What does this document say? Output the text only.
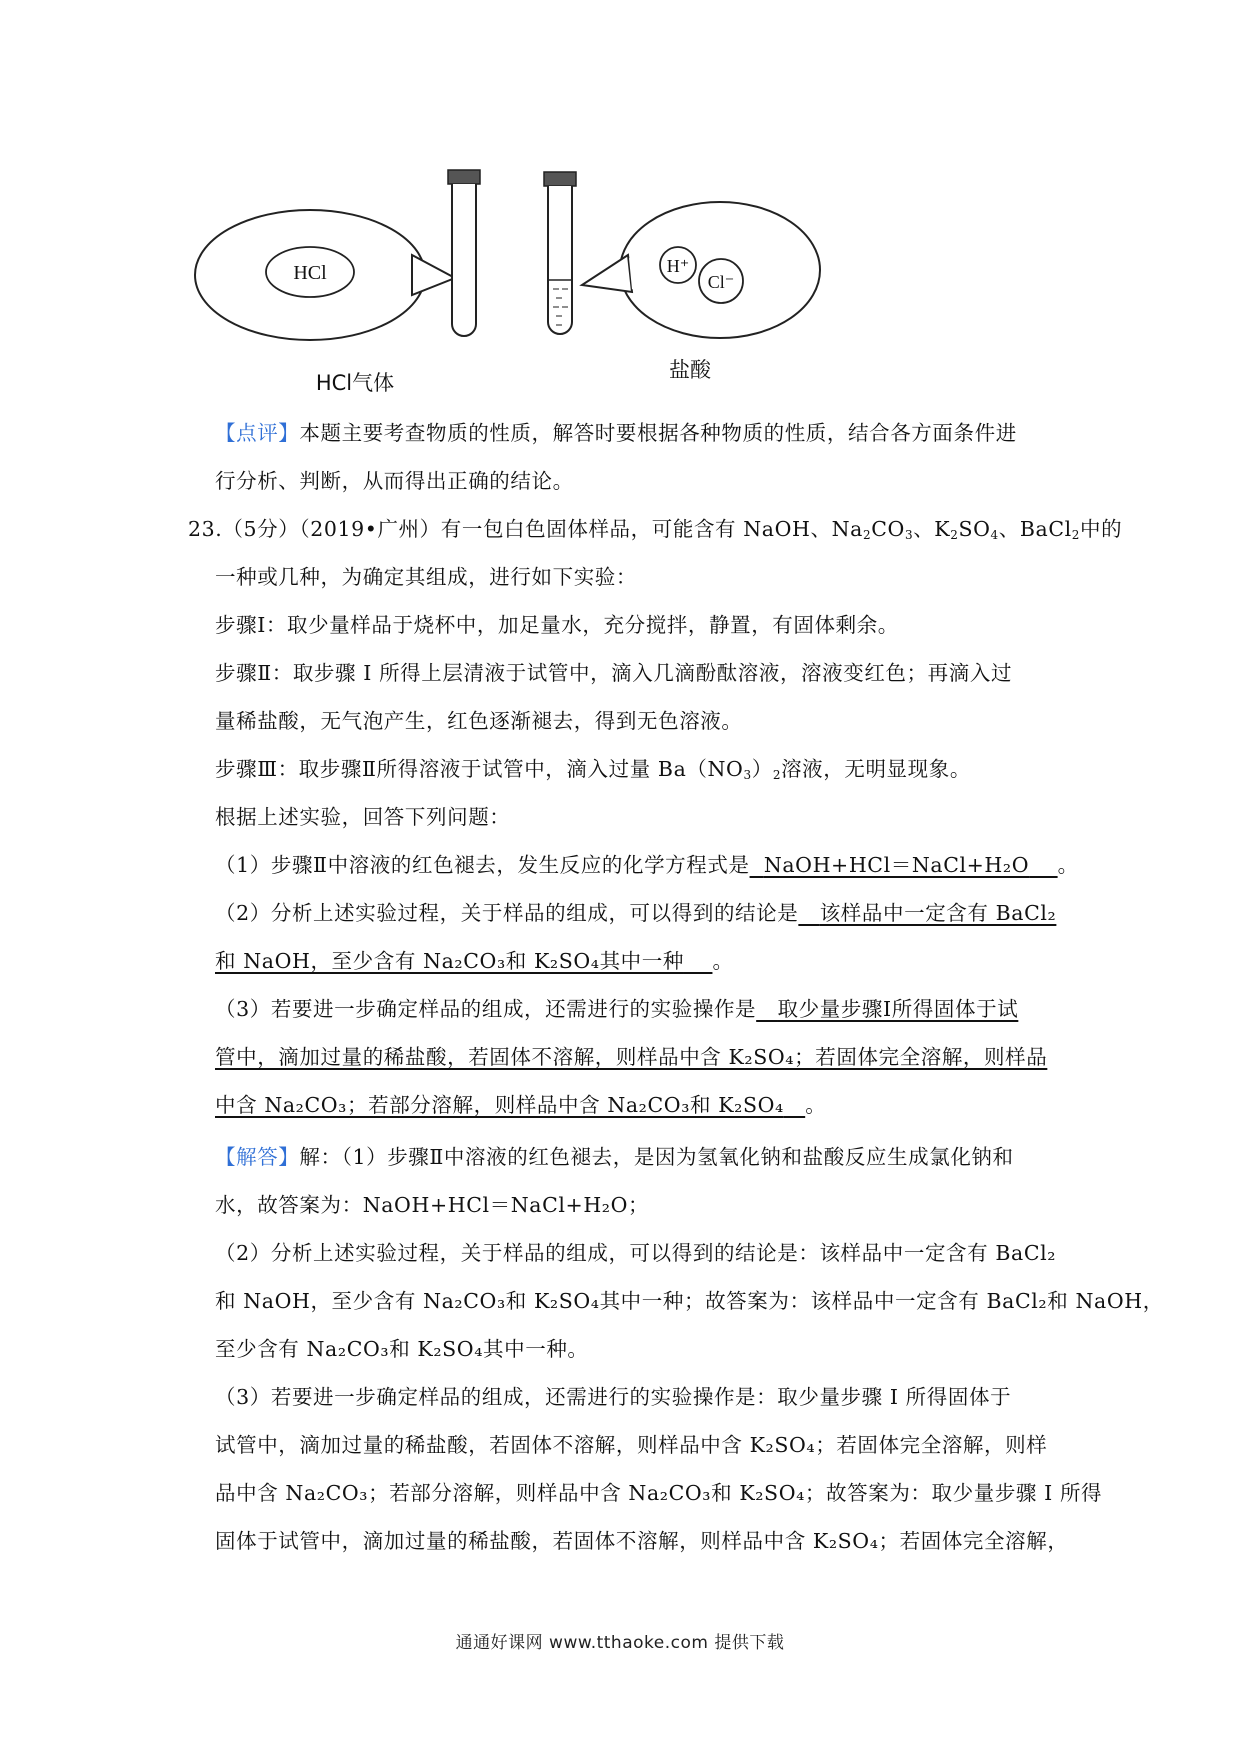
HCl	H⁺
Cl⁻
HCl气体
盐酸
【点评】本题主要考查物质的性质，解答时要根据各种物质的性质，结合各方面条件进
行分析、判断，从而得出正确的结论。
23.（5分）（2019•广州）有一包白色固体样品，可能含有 NaOH、$Na_2CO_3$、$K_2SO_4$、BaCl$_2$中的
一种或几种，为确定其组成，进行如下实验：
步骤Ⅰ：取少量样品于烧杯中，加足量水，充分搅拌，静置，有固体剩余。
步骤Ⅱ：取步骤 Ⅰ 所得上层清液于试管中，滴入几滴酚酞溶液，溶液变红色；再滴入过
量稀盐酸，无气泡产生，红色逐渐褪去，得到无色溶液。
步骤Ⅲ：取步骤Ⅱ所得溶液于试管中，滴入过量 $Ba(NO_3)_2$溶液，无明显现象。
根据上述实验，回答下列问题：
（1）步骤Ⅱ中溶液的红色褪去，发生反应的化学方程式是 NaOH+HCl＝NaCl+H₂O 。
（2）分析上述实验过程，关于样品的组成，可以得到的结论是 该样品中一定含有 BaCl₂
和 NaOH，至少含有 Na₂CO₃和 K₂SO₄其中一种 。
（3）若要进一步确定样品的组成，还需进行的实验操作是 取少量步骤Ⅰ所得固体于试
管中，滴加过量的稀盐酸，若固体不溶解，则样品中含 K₂SO₄；若固体完全溶解，则样品
中含 Na₂CO₃；若部分溶解，则样品中含 Na₂CO₃和 K₂SO₄ 。
【解答】解：（1）步骤Ⅱ中溶液的红色褪去，是因为氢氧化钠和盐酸反应生成氯化钠和
水，故答案为：NaOH+HCl＝NaCl+H₂O；
（2）分析上述实验过程，关于样品的组成，可以得到的结论是：该样品中一定含有 BaCl₂
和 NaOH，至少含有 Na₂CO₃和 K₂SO₄其中一种；故答案为：该样品中一定含有 BaCl₂和 NaOH，
至少含有 Na₂CO₃和 K₂SO₄其中一种。
（3）若要进一步确定样品的组成，还需进行的实验操作是：取少量步骤 Ⅰ 所得固体于
试管中，滴加过量的稀盐酸，若固体不溶解，则样品中含 K₂SO₄；若固体完全溶解，则样
品中含 Na₂CO₃；若部分溶解，则样品中含 Na₂CO₃和 K₂SO₄；故答案为：取少量步骤 Ⅰ 所得
固体于试管中，滴加过量的稀盐酸，若固体不溶解，则样品中含 K₂SO₄；若固体完全溶解，
通通好课网 www.tthaoke.com 提供下载
